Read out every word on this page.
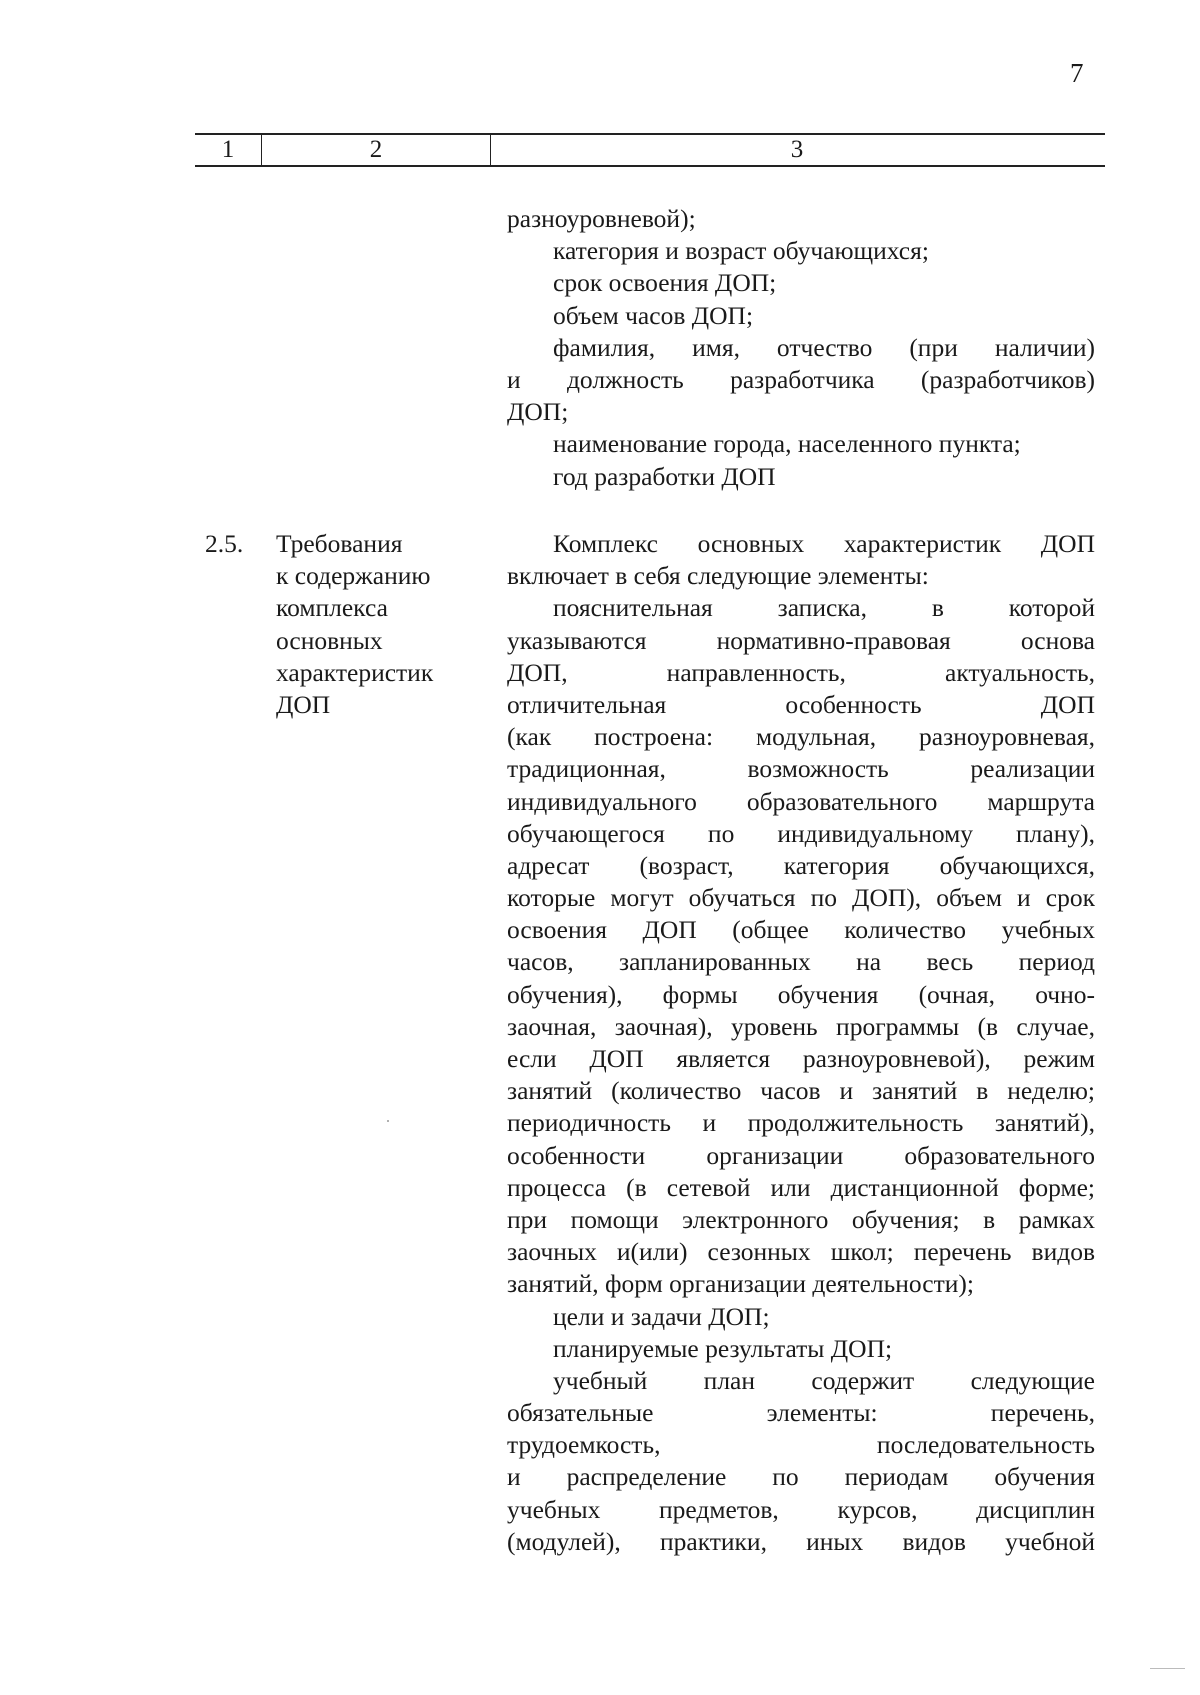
7
1	2	3
разноуровневой);
категория и возраст обучающихся;
срок освоения ДОП;
объем часов ДОП;
фамилия, имя, отчество (при наличии)
и должность разработчика (разработчиков)
ДОП;
наименование города, населенного пункта;
год разработки ДОП
2.5. Требования
к содержанию
комплекса
основных
характеристик
ДОП
Комплекс основных характеристик ДОП
включает в себя следующие элементы:
пояснительная записка, в которой
указываются нормативно-правовая основа
ДОП, направленность, актуальность,
отличительная особенность ДОП
(как построена: модульная, разноуровневая,
традиционная, возможность реализации
индивидуального образовательного маршрута
обучающегося по индивидуальному плану),
адресат (возраст, категория обучающихся,
которые могут обучаться по ДОП), объем и срок
освоения ДОП (общее количество учебных
часов, запланированных на весь период
обучения), формы обучения (очная, очно-
заочная, заочная), уровень программы (в случае,
если ДОП является разноуровневой), режим
занятий (количество часов и занятий в неделю;
периодичность и продолжительность занятий),
особенности организации образовательного
процесса (в сетевой или дистанционной форме;
при помощи электронного обучения; в рамках
заочных и(или) сезонных школ; перечень видов
занятий, форм организации деятельности);
цели и задачи ДОП;
планируемые результаты ДОП;
учебный план содержит следующие
обязательные элементы: перечень,
трудоемкость, последовательность
и распределение по периодам обучения
учебных предметов, курсов, дисциплин
(модулей), практики, иных видов учебной
